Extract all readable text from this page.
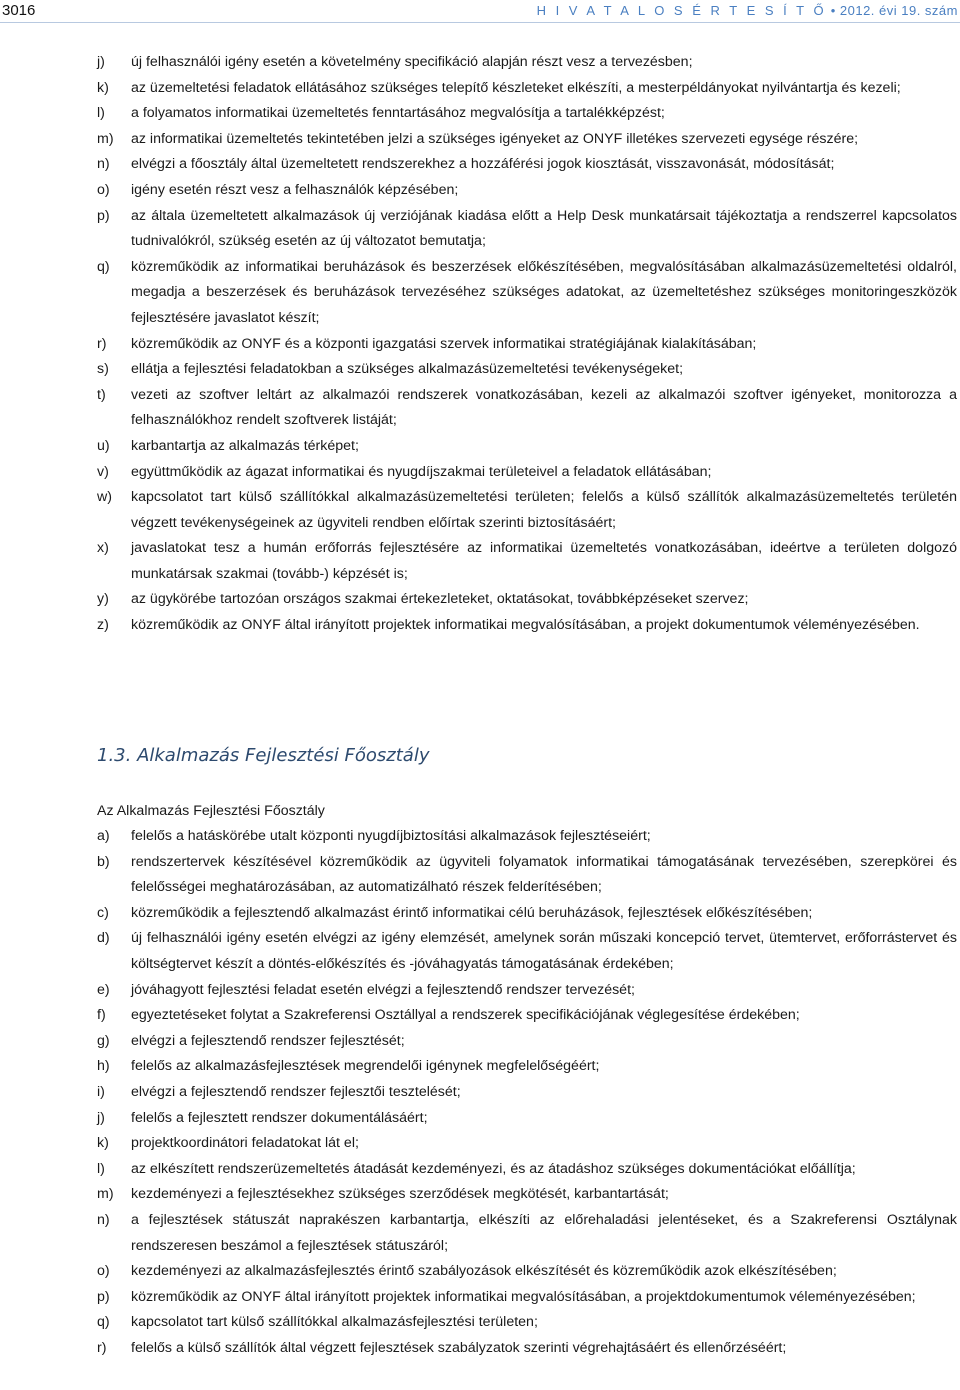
3016	H I V A T A L O S É R T E S Í T Ő • 2012. évi 19. szám
j)	új felhasználói igény esetén a követelmény specifikáció alapján részt vesz a tervezésben;
k)	az üzemeltetési feladatok ellátásához szükséges telepítő készleteket elkészíti, a mesterpéldányokat nyilvántartja és kezeli;
l)	a folyamatos informatikai üzemeltetés fenntartásához megvalósítja a tartalékképzést;
m)	az informatikai üzemeltetés tekintetében jelzi a szükséges igényeket az ONYF illetékes szervezeti egysége részére;
n)	elvégzi a főosztály által üzemeltetett rendszerekhez a hozzáférési jogok kiosztását, visszavonását, módosítását;
o)	igény esetén részt vesz a felhasználók képzésében;
p)	az általa üzemeltetett alkalmazások új verziójának kiadása előtt a Help Desk munkatársait tájékoztatja a rendszerrel kapcsolatos tudnivalókról, szükség esetén az új változatot bemutatja;
q)	közreműködik az informatikai beruházások és beszerzések előkészítésében, megvalósításában alkalmazásüzemeltetési oldalról, megadja a beszerzések és beruházások tervezéséhez szükséges adatokat, az üzemeltetéshez szükséges monitoringeszközök fejlesztésére javaslatot készít;
r)	közreműködik az ONYF és a központi igazgatási szervek informatikai stratégiájának kialakításában;
s)	ellátja a fejlesztési feladatokban a szükséges alkalmazásüzemeltetési tevékenységeket;
t)	vezeti az szoftver leltárt az alkalmazói rendszerek vonatkozásában, kezeli az alkalmazói szoftver igényeket, monitorozza a felhasználókhoz rendelt szoftverek listáját;
u)	karbantartja az alkalmazás térképet;
v)	együttműködik az ágazat informatikai és nyugdíjszakmai területeivel a feladatok ellátásában;
w)	kapcsolatot tart külső szállítókkal alkalmazásüzemeltetési területen; felelős a külső szállítók alkalmazásüzemeltetés területén végzett tevékenységeinek az ügyviteli rendben előírtak szerinti biztosításáért;
x)	javaslatokat tesz a humán erőforrás fejlesztésére az informatikai üzemeltetés vonatkozásában, ideértve a területen dolgozó munkatársak szakmai (tovább-) képzését is;
y)	az ügykörébe tartozóan országos szakmai értekezleteket, oktatásokat, továbbképzéseket szervez;
z)	közreműködik az ONYF által irányított projektek informatikai megvalósításában, a projekt dokumentumok véleményezésében.
1.3. Alkalmazás Fejlesztési Főosztály
Az Alkalmazás Fejlesztési Főosztály
a)	felelős a hatáskörébe utalt központi nyugdíjbiztosítási alkalmazások fejlesztéseiért;
b)	rendszertervek készítésével közreműködik az ügyviteli folyamatok informatikai támogatásának tervezésében, szerepkörei és felelősségei meghatározásában, az automatizálható részek felderítésében;
c)	közreműködik a fejlesztendő alkalmazást érintő informatikai célú beruházások, fejlesztések előkészítésében;
d)	új felhasználói igény esetén elvégzi az igény elemzését, amelynek során műszaki koncepció tervet, ütemtervet, erőforrástervet és költségtervet készít a döntés-előkészítés és -jóváhagyatás támogatásának érdekében;
e)	jóváhagyott fejlesztési feladat esetén elvégzi a fejlesztendő rendszer tervezését;
f)	egyeztetéseket folytat a Szakreferensi Osztállyal a rendszerek specifikációjának véglegesítése érdekében;
g)	elvégzi a fejlesztendő rendszer fejlesztését;
h)	felelős az alkalmazásfejlesztések megrendelői igénynek megfelelőségéért;
i)	elvégzi a fejlesztendő rendszer fejlesztői tesztelését;
j)	felelős a fejlesztett rendszer dokumentálásáért;
k)	projektkoordinátori feladatokat lát el;
l)	az elkészített rendszerüzemeltetés átadását kezdeményezi, és az átadáshoz szükséges dokumentációkat előállítja;
m)	kezdeményezi a fejlesztésekhez szükséges szerződések megkötését, karbantartását;
n)	a fejlesztések státuszát naprakészen karbantartja, elkészíti az előrehaladási jelentéseket, és a Szakreferensi Osztálynak rendszeresen beszámol a fejlesztések státuszáról;
o)	kezdeményezi az alkalmazásfejlesztés érintő szabályozások elkészítését és közreműködik azok elkészítésében;
p)	közreműködik az ONYF által irányított projektek informatikai megvalósításában, a projektdokumentumok véleményezésében;
q)	kapcsolatot tart külső szállítókkal alkalmazásfejlesztési területen;
r)	felelős a külső szállítók által végzett fejlesztések szabályzatok szerinti végrehajtásáért és ellenőrzéséért;
